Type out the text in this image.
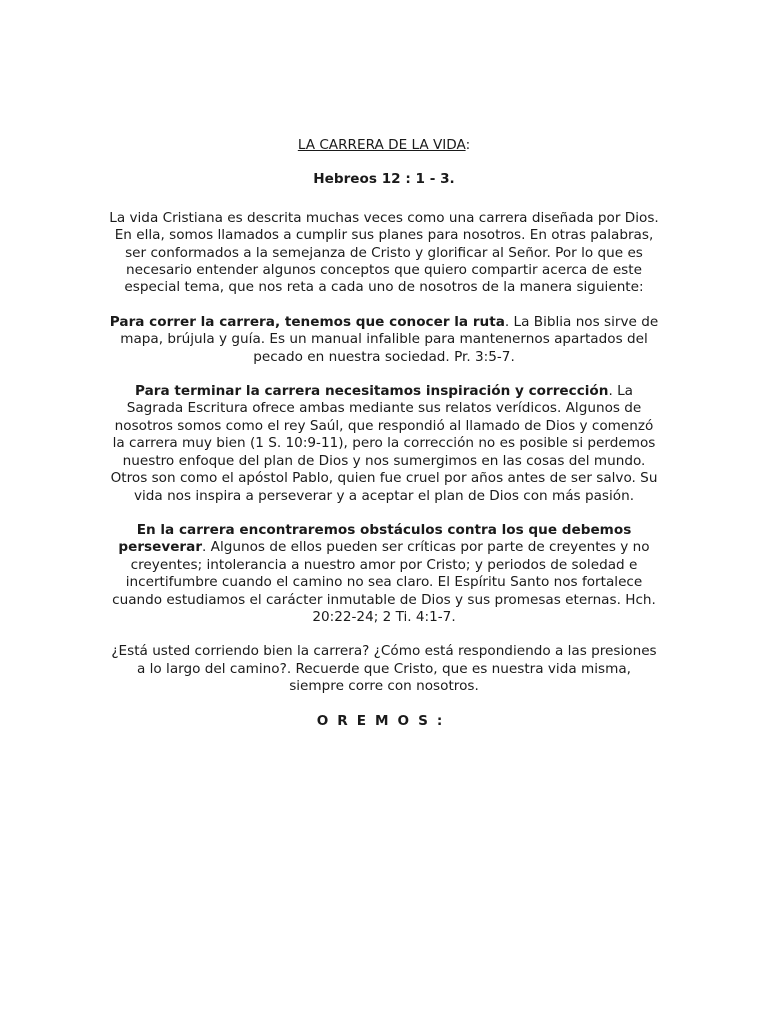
LA CARRERA DE LA VIDA:
Hebreos 12 : 1 - 3.

La vida Cristiana es descrita muchas veces como una carrera diseñada por Dios. En ella, somos llamados a cumplir sus planes para nosotros. En otras palabras, ser conformados a la semejanza de Cristo y glorificar al Señor. Por lo que es necesario entender algunos conceptos que quiero compartir acerca de este especial tema, que nos reta a cada uno de nosotros de la manera siguiente:

Para correr la carrera, tenemos que conocer la ruta. La Biblia nos sirve de mapa, brújula y guía. Es un manual infalible para mantenernos apartados del pecado en nuestra sociedad. Pr. 3:5-7.

Para terminar la carrera necesitamos inspiración y corrección. La Sagrada Escritura ofrece ambas mediante sus relatos verídicos. Algunos de nosotros somos como el rey Saúl, que respondió al llamado de Dios y comenzó la carrera muy bien (1 S. 10:9-11), pero la corrección no es posible si perdemos nuestro enfoque del plan de Dios y nos sumergimos en las cosas del mundo. Otros son como el apóstol Pablo, quien fue cruel por años antes de ser salvo. Su vida nos inspira a perseverar y a aceptar el plan de Dios con más pasión.

En la carrera encontraremos obstáculos contra los que debemos perseverar. Algunos de ellos pueden ser críticas por parte de creyentes y no creyentes; intolerancia a nuestro amor por Cristo; y periodos de soledad e incertifumbre cuando el camino no sea claro. El Espíritu Santo nos fortalece cuando estudiamos el carácter inmutable de Dios y sus promesas eternas. Hch. 20:22-24; 2 Ti. 4:1-7.

¿Está usted corriendo bien la carrera? ¿Cómo está respondiendo a las presiones a lo largo del camino?. Recuerde que Cristo, que es nuestra vida misma, siempre corre con nosotros.

OREMOS:
